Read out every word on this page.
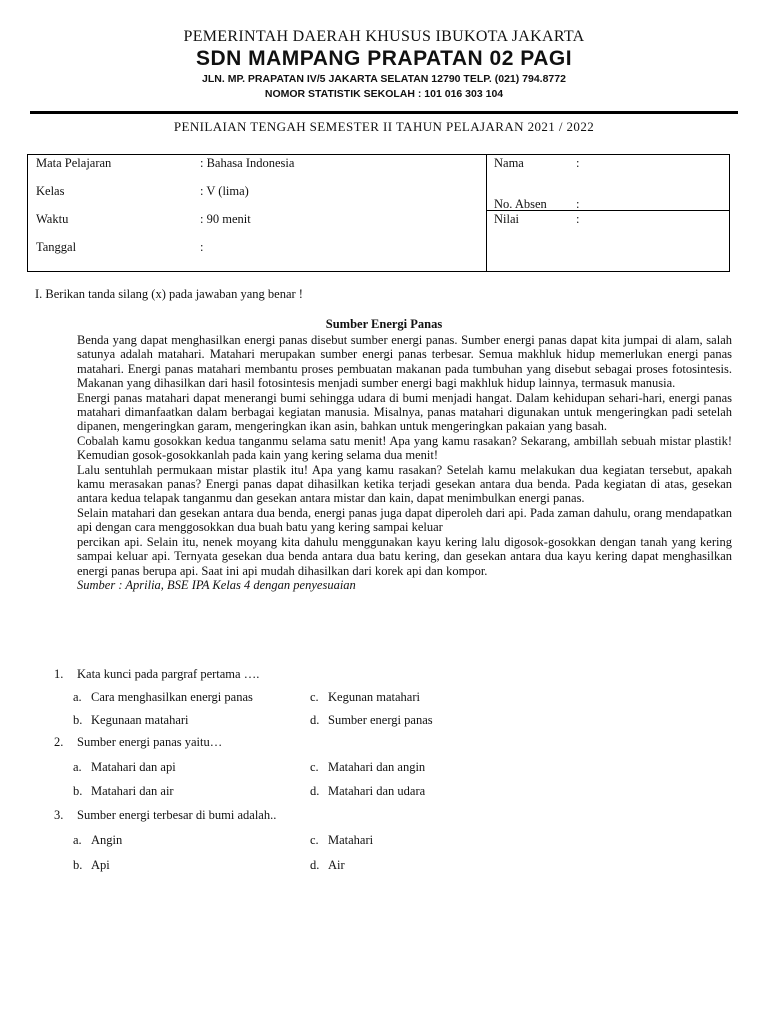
PEMERINTAH DAERAH KHUSUS IBUKOTA JAKARTA
SDN MAMPANG PRAPATAN 02 PAGI
JLN. MP. PRAPATAN IV/5 JAKARTA SELATAN 12790 TELP. (021) 794.8772
NOMOR STATISTIK SEKOLAH : 101 016 303 104
PENILAIAN TENGAH SEMESTER II TAHUN PELAJARAN 2021 / 2022
Mata Pelajaran	: Bahasa Indonesia
Kelas	: V (lima)
Waktu	: 90 menit
Tanggal	:
Nama	:
No. Absen :
Nilai	:
I. Berikan tanda silang (x) pada jawaban yang benar !
Sumber Energi Panas

Benda yang dapat menghasilkan energi panas disebut sumber energi panas. Sumber energi panas dapat kita jumpai di alam, salah satunya adalah matahari. Matahari merupakan sumber energi panas terbesar. Semua makhluk hidup memerlukan energi panas matahari. Energi panas matahari membantu proses pembuatan makanan pada tumbuhan yang disebut sebagai proses fotosintesis. Makanan yang dihasilkan dari hasil fotosintesis menjadi sumber energi bagi makhluk hidup lainnya, termasuk manusia.

Energi panas matahari dapat menerangi bumi sehingga udara di bumi menjadi hangat. Dalam kehidupan sehari-hari, energi panas matahari dimanfaatkan dalam berbagai kegiatan manusia. Misalnya, panas matahari digunakan untuk mengeringkan padi setelah dipanen, mengeringkan garam, mengeringkan ikan asin, bahkan untuk mengeringkan pakaian yang basah.

Cobalah kamu gosokkan kedua tanganmu selama satu menit! Apa yang kamu rasakan? Sekarang, ambillah sebuah mistar plastik! Kemudian gosok-gosokkanlah pada kain yang kering selama dua menit!

Lalu sentuhlah permukaan mistar plastik itu! Apa yang kamu rasakan? Setelah kamu melakukan dua kegiatan tersebut, apakah kamu merasakan panas? Energi panas dapat dihasilkan ketika terjadi gesekan antara dua benda. Pada kegiatan di atas, gesekan antara kedua telapak tanganmu dan gesekan antara mistar dan kain, dapat menimbulkan energi panas.

Selain matahari dan gesekan antara dua benda, energi panas juga dapat diperoleh dari api. Pada zaman dahulu, orang mendapatkan api dengan cara menggosokkan dua buah batu yang kering sampai keluar

percikan api. Selain itu, nenek moyang kita dahulu menggunakan kayu kering lalu digosok-gosokkan dengan tanah yang kering sampai keluar api. Ternyata gesekan dua benda antara dua batu kering, dan gesekan antara dua kayu kering dapat menghasilkan energi panas berupa api. Saat ini api mudah dihasilkan dari korek api dan kompor.

Sumber : Aprilia, BSE IPA Kelas 4 dengan penyesuaian

1. Kata kunci pada pargraf pertama ….
a. Cara menghasilkan energi panas
b. Kegunaan matahari
c. Kegunan matahari
d. Sumber energi panas
2. Sumber energi panas yaitu…
a. Matahari dan api
b. Matahari dan air
c. Matahari dan angin
d. Matahari dan udara
3. Sumber energi terbesar di bumi adalah..
a. Angin
b. Api
c. Matahari
d. Air
